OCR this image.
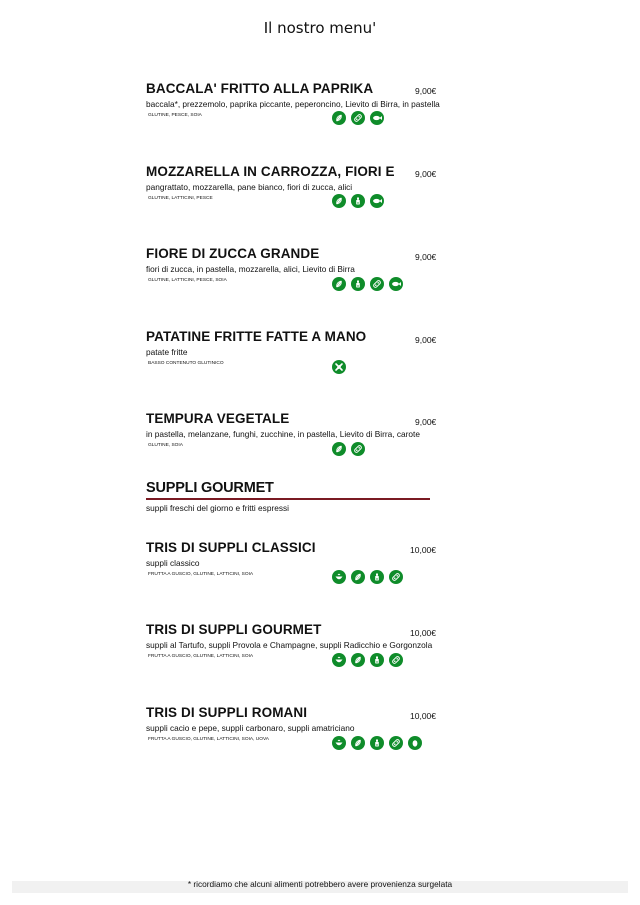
Il nostro menu'
BACCALA' FRITTO ALLA PAPRIKA
baccala*, prezzemolo, paprika piccante, peperoncino, Lievito di Birra, in pastella
GLUTINE, PESCE, SOIA
9,00€
MOZZARELLA IN CARROZZA, FIORI E
pangrattato, mozzarella, pane bianco, fiori di zucca, alici
GLUTINE, LATTICINI, PESCE
9,00€
FIORE DI ZUCCA GRANDE
fiori di zucca, in pastella, mozzarella, alici, Lievito di Birra
GLUTINE, LATTICINI, PESCE, SOIA
9,00€
PATATINE FRITTE FATTE A MANO
patate fritte
BASSO CONTENUTO GLUTINICO
9,00€
TEMPURA VEGETALE
in pastella, melanzane, funghi, zucchine, in pastella, Lievito di Birra, carote
GLUTINE, SOIA
9,00€
SUPPLI GOURMET
suppli freschi del giorno e fritti espressi
TRIS DI SUPPLI CLASSICI
suppli classico
FRUTTA A GUSCIO, GLUTINE, LATTICINI, SOIA
10,00€
TRIS DI SUPPLI GOURMET
suppli al Tartufo, suppli Provola e Champagne, suppli Radicchio e Gorgonzola
FRUTTA A GUSCIO, GLUTINE, LATTICINI, SOIA
10,00€
TRIS DI SUPPLI ROMANI
suppli cacio e pepe, suppli carbonaro, suppli amatriciano
FRUTTA A GUSCIO, GLUTINE, LATTICINI, SOIA, UOVA
10,00€
* ricordiamo che alcuni alimenti potrebbero avere provenienza surgelata
